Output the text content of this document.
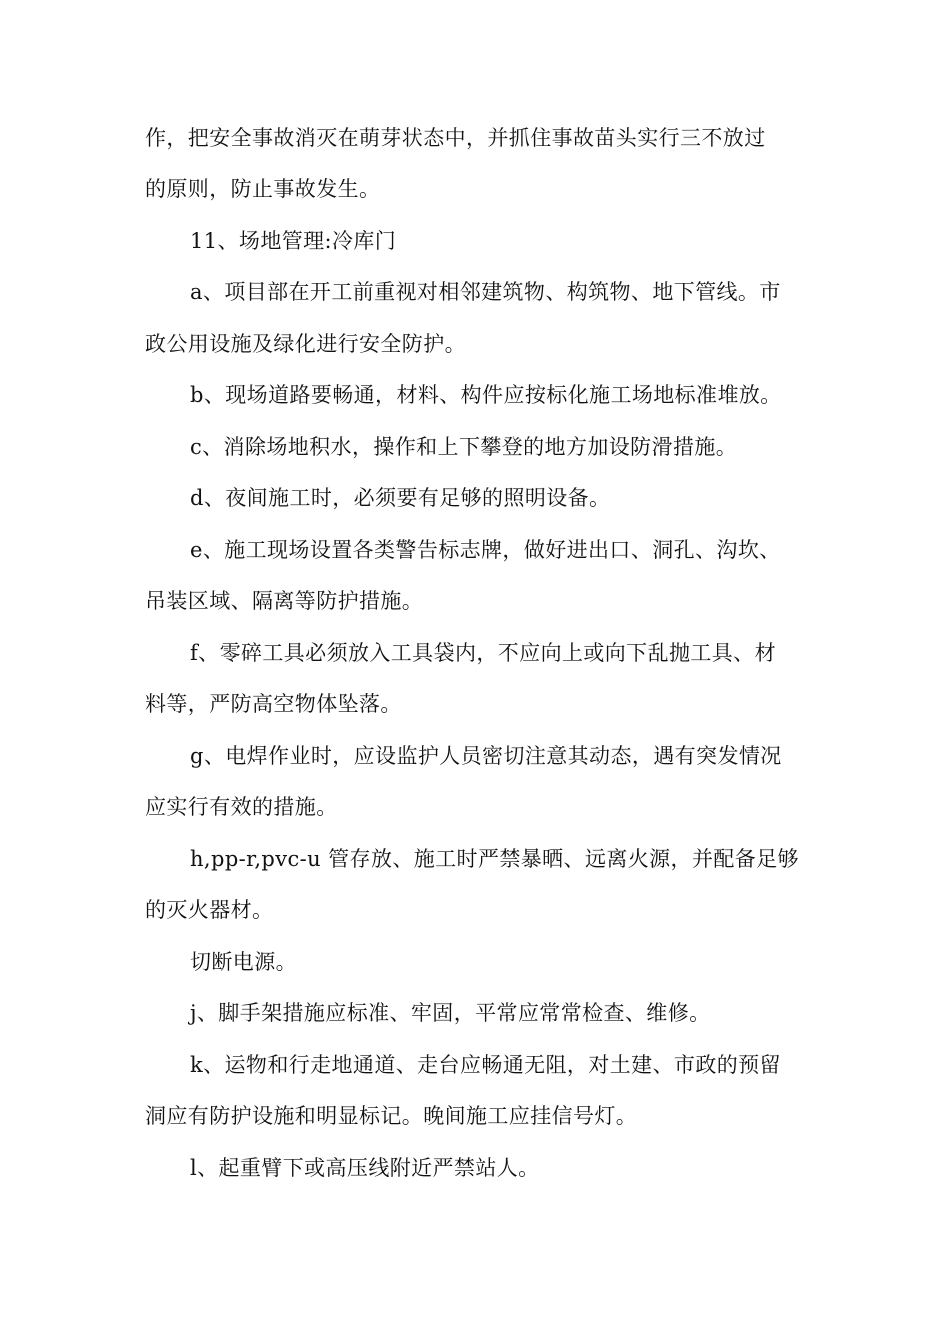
作，把安全事故消灭在萌芽状态中，并抓住事故苗头实行三不放过
的原则，防止事故发生。
11、场地管理:冷库门
a、项目部在开工前重视对相邻建筑物、构筑物、地下管线。市
政公用设施及绿化进行安全防护。
b、现场道路要畅通，材料、构件应按标化施工场地标准堆放。
c、消除场地积水，操作和上下攀登的地方加设防滑措施。
d、夜间施工时，必须要有足够的照明设备。
e、施工现场设置各类警告标志牌，做好进出口、洞孔、沟坎、
吊装区域、隔离等防护措施。
f、零碎工具必须放入工具袋内，不应向上或向下乱抛工具、材
料等，严防高空物体坠落。
g、电焊作业时，应设监护人员密切注意其动态，遇有突发情况
应实行有效的措施。
h,pp-r,pvc-u 管存放、施工时严禁暴晒、远离火源，并配备足够
的灭火器材。
切断电源。
j、脚手架措施应标准、牢固，平常应常常检查、维修。
k、运物和行走地通道、走台应畅通无阻，对土建、市政的预留
洞应有防护设施和明显标记。晚间施工应挂信号灯。
l、起重臂下或高压线附近严禁站人。
